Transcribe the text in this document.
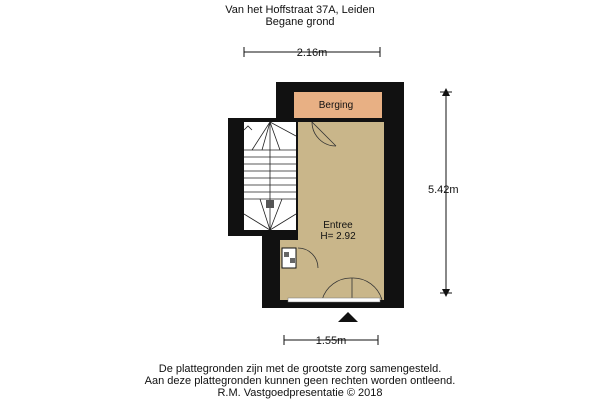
Van het Hoffstraat 37A, Leiden
Begane grond
2.16m
Berging
Entree
H= 2.92
5.42m
1.55m
De plattegronden zijn met de grootste zorg samengesteld.
Aan deze plattegronden kunnen geen rechten worden ontleend.
R.M. Vastgoedpresentatie © 2018
